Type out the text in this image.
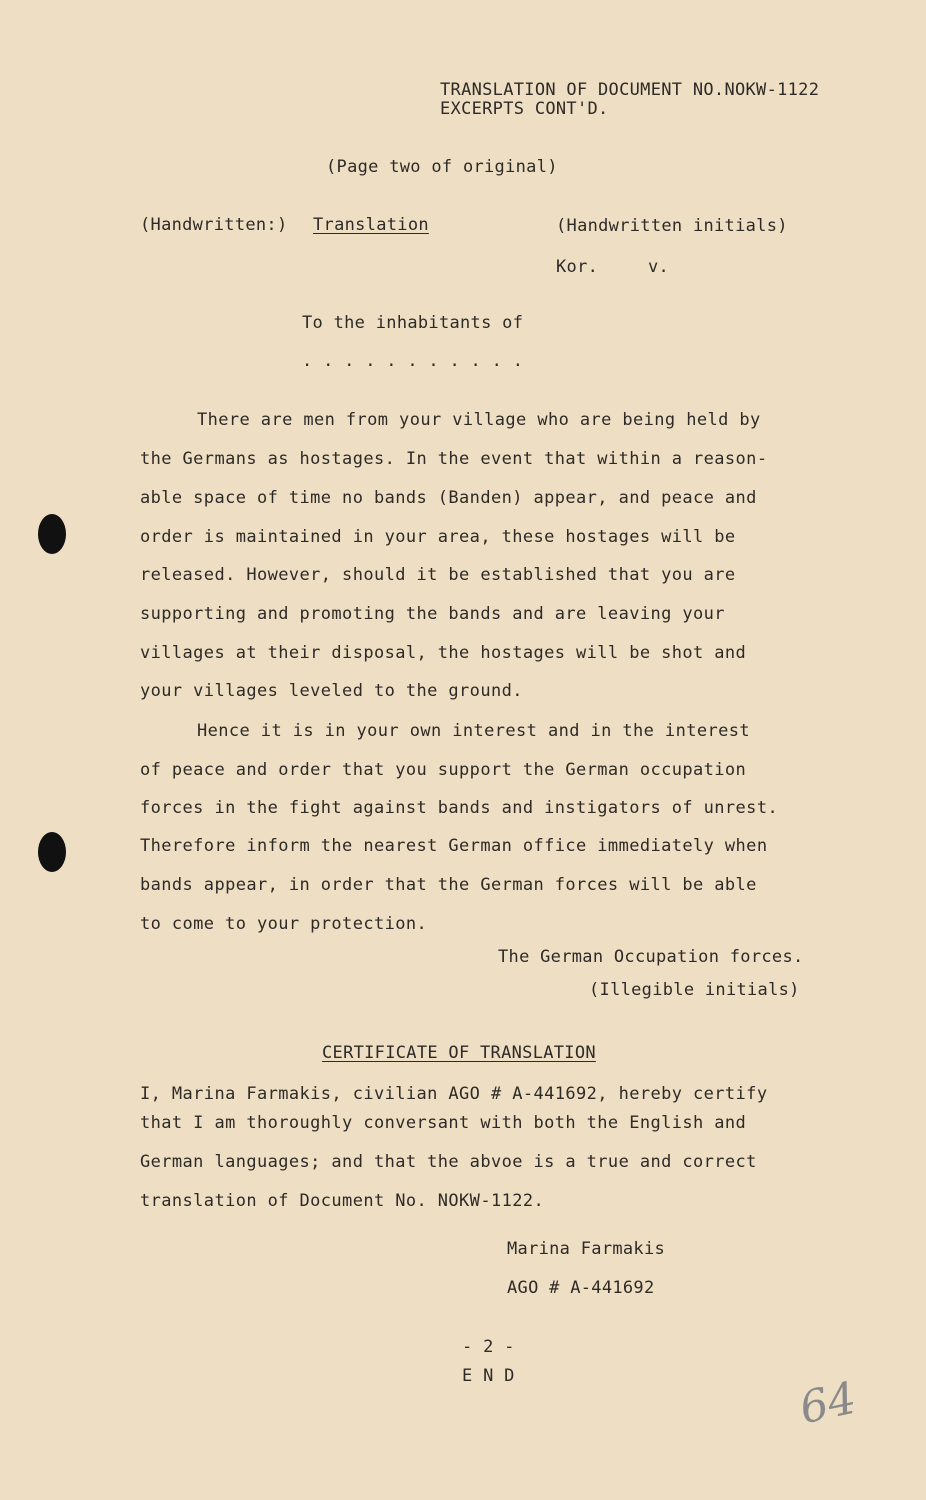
TRANSLATION OF DOCUMENT NO.NOKW-1122
EXCERPTS CONT'D.
(Page two of original)
(Handwritten:) Translation	(Handwritten initials)
Kor.	v.
To the inhabitants of
. . . . . . . . . . .
There are men from your village who are being held by
the Germans as hostages. In the event that within a reason-
able space of time no bands (Banden) appear, and peace and
order is maintained in your area, these hostages will be
released. However, should it be established that you are
supporting and promoting the bands and are leaving your
villages at their disposal, the hostages will be shot and
your villages leveled to the ground.
Hence it is in your own interest and in the interest
of peace and order that you support the German occupation
forces in the fight against bands and instigators of unrest.
Therefore inform the nearest German office immediately when
bands appear, in order that the German forces will be able
to come to your protection.
The German Occupation forces.
(Illegible initials)
CERTIFICATE OF TRANSLATION
I, Marina Farmakis, civilian AGO # A-441692, hereby certify
that I am thoroughly conversant with both the English and
German languages; and that the abvoe is a true and correct
translation of Document No. NOKW-1122.
Marina Farmakis
AGO # A-441692
- 2 -
E N D	64
